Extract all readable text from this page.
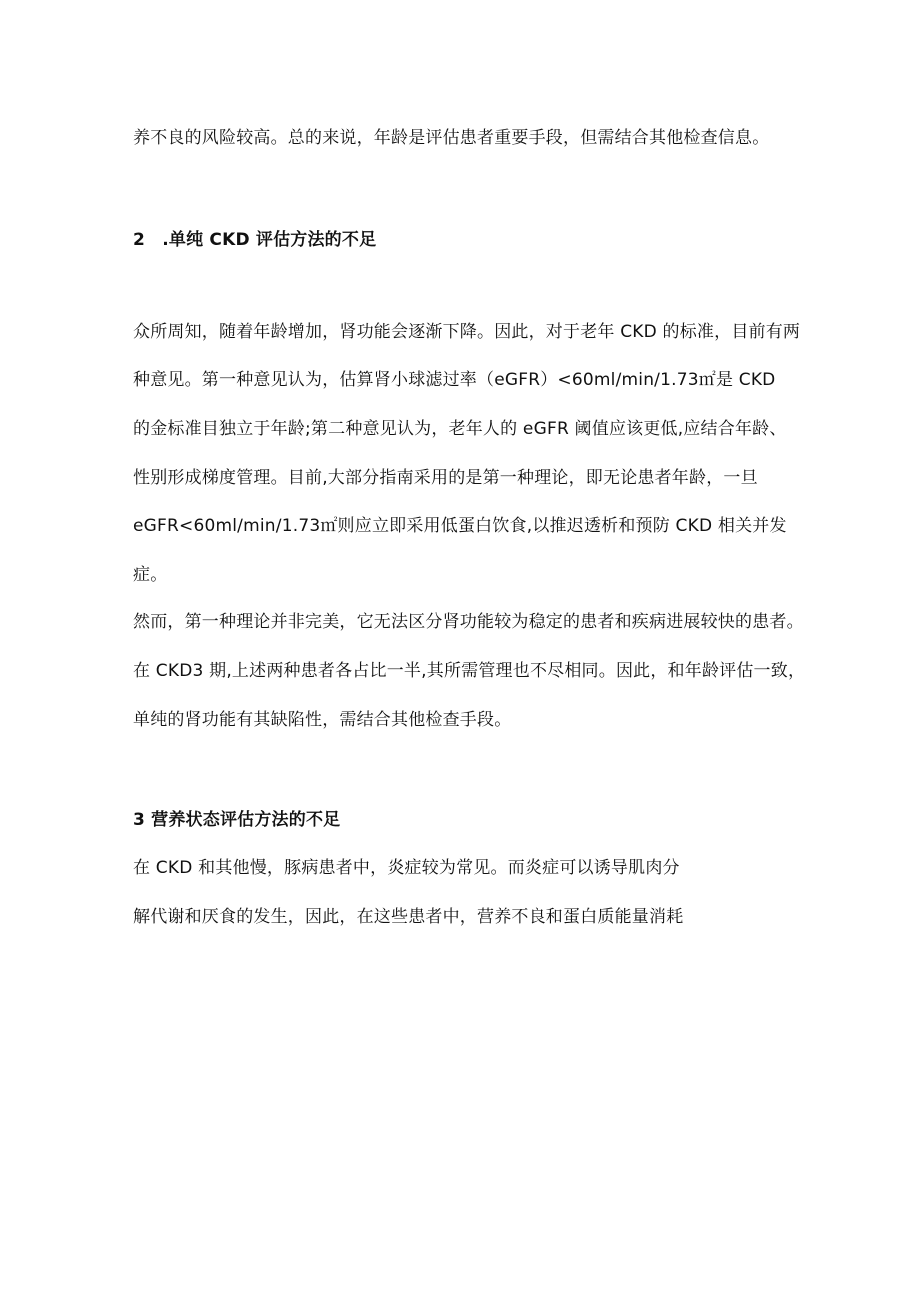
养不良的风险较高。总的来说，年龄是评估患者重要手段，但需结合其他检查信息。
2　.单纯 CKD 评估方法的不足
众所周知，随着年龄增加，肾功能会逐渐下降。因此，对于老年 CKD 的标准，目前有两
种意见。第一种意见认为，估算肾小球滤过率（eGFR）<60ml∕min∕1.73㎡是 CKD
的金标准目独立于年龄;第二种意见认为，老年人的 eGFR 阈值应该更低,应结合年龄、
性别形成梯度管理。目前,大部分指南采用的是第一种理论，即无论患者年龄，一旦
eGFR<60ml∕min∕1.73㎡则应立即采用低蛋白饮食,以推迟透析和预防 CKD 相关并发
症。
然而，第一种理论并非完美，它无法区分肾功能较为稳定的患者和疾病进展较快的患者。
在 CKD3 期,上述两种患者各占比一半,其所需管理也不尽相同。因此，和年龄评估一致，
单纯的肾功能有其缺陷性，需结合其他检查手段。
3 营养状态评估方法的不足
在 CKD 和其他慢，豚病患者中，炎症较为常见。而炎症可以诱导肌肉分
解代谢和厌食的发生，因此，在这些患者中，营养不良和蛋白质能量消耗
